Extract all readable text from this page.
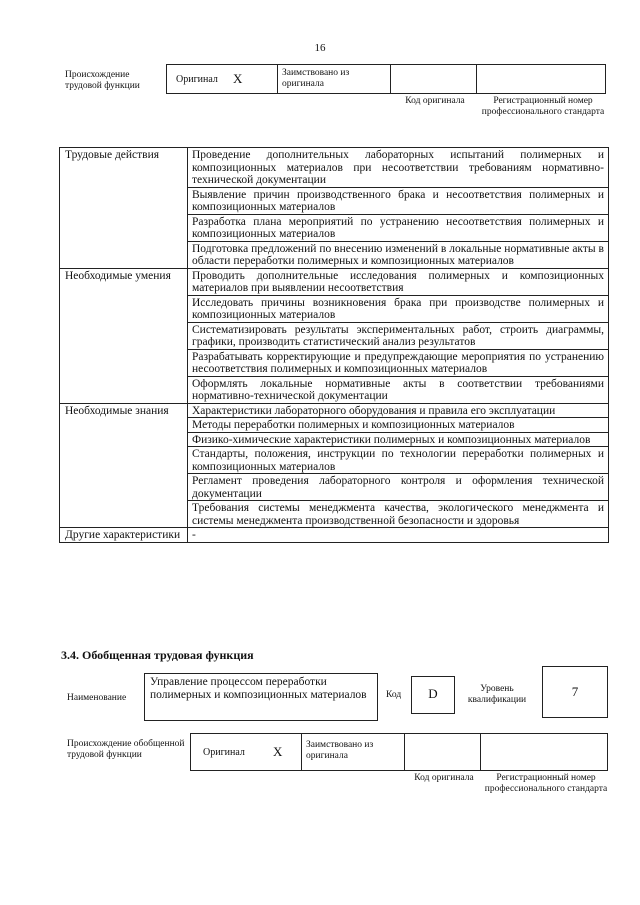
16
Происхождение трудовой функции
Оригинал X	Заимствовано из оригинала
Код оригинала	Регистрационный номер профессионального стандарта
Трудовые действия	Проведение дополнительных лабораторных испытаний полимерных и композиционных материалов при несоответствии требованиям нормативно-технической документации
	Выявление причин производственного брака и несоответствия полимерных и композиционных материалов
	Разработка плана мероприятий по устранению несоответствия полимерных и композиционных материалов
	Подготовка предложений по внесению изменений в локальные нормативные акты в области переработки полимерных и композиционных материалов
Необходимые умения	Проводить дополнительные исследования полимерных и композиционных материалов при выявлении несоответствия
	Исследовать причины возникновения брака при производстве полимерных и композиционных материалов
	Систематизировать результаты экспериментальных работ, строить диаграммы, графики, производить статистический анализ результатов
	Разрабатывать корректирующие и предупреждающие мероприятия по устранению несоответствия полимерных и композиционных материалов
	Оформлять локальные нормативные акты в соответствии требованиями нормативно-технической документации
Необходимые знания	Характеристики лабораторного оборудования и правила его эксплуатации
	Методы переработки полимерных и композиционных материалов
	Физико-химические характеристики полимерных и композиционных материалов
	Стандарты, положения, инструкции по технологии переработки полимерных и композиционных материалов
	Регламент проведения лабораторного контроля и оформления технической документации
	Требования системы менеджмента качества, экологического менеджмента и системы менеджмента производственной безопасности и здоровья
Другие характеристики	-
3.4. Обобщенная трудовая функция
Наименование
Управление процессом переработки полимерных и композиционных материалов	Код	D	Уровень квалификации
7
Происхождение обобщенной трудовой функции	Оригинал X	Заимствовано из оригинала
Код оригинала	Регистрационный номер профессионального стандарта
